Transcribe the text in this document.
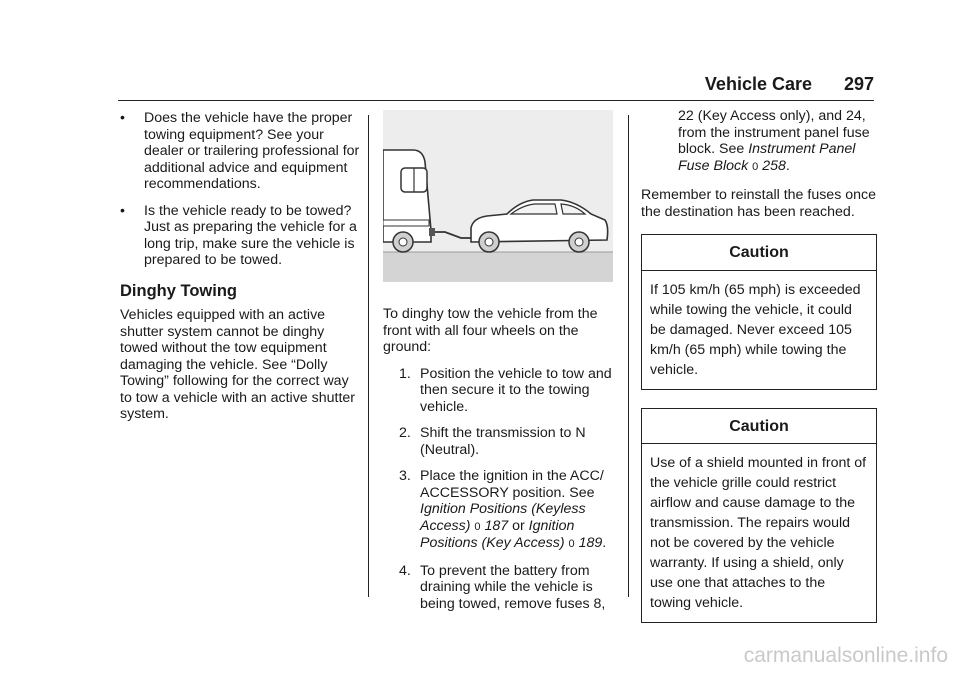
Vehicle Care 297
• Does the vehicle have the proper towing equipment? See your dealer or trailering professional for additional advice and equipment recommendations.
• Is the vehicle ready to be towed? Just as preparing the vehicle for a long trip, make sure the vehicle is prepared to be towed.
Dinghy Towing

Vehicles equipped with an active shutter system cannot be dinghy towed without the tow equipment damaging the vehicle. See “Dolly Towing” following for the correct way to tow a vehicle with an active shutter system.

To dinghy tow the vehicle from the front with all four wheels on the ground:

1. Position the vehicle to tow and then secure it to the towing vehicle.
2. Shift the transmission to N (Neutral).
3. Place the ignition in the ACC/ ACCESSORY position. See Ignition Positions (Keyless Access) 0 187 or Ignition Positions (Key Access) 0 189.
4. To prevent the battery from draining while the vehicle is being towed, remove fuses 8,
22 (Key Access only), and 24, from the instrument panel fuse block. See Instrument Panel Fuse Block 0 258.

Remember to reinstall the fuses once the destination has been reached.

Caution
If 105 km/h (65 mph) is exceeded while towing the vehicle, it could be damaged. Never exceed 105 km/h (65 mph) while towing the vehicle.
Caution
Use of a shield mounted in front of the vehicle grille could restrict airflow and cause damage to the transmission. The repairs would not be covered by the vehicle warranty. If using a shield, only use one that attaches to the towing vehicle.
carmanualsonline.info
